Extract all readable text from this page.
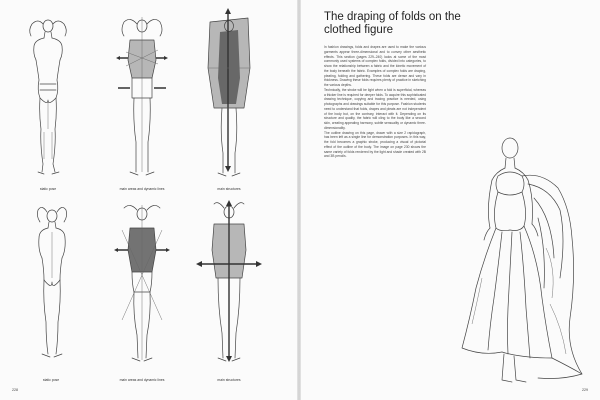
static pose	main areas and dynamic lines	main structures
static pose	main areas and dynamic lines	main structures
228
The draping of folds on the clothed figure

In fashion drawings, folds and drapes are used to make the various garments appear three-dimensional and to convey other aesthetic effects. This section (pages 229–240) looks at some of the most commonly used systems of complex folds, divided into categories, to show the relationship between a fabric and the kinetic movement of the body beneath the fabric. Examples of complex folds are draping, pleating, folding and gathering. These folds are dense and vary in thickness. Drawing these folds requires plenty of practice in sketching the various depths.

Technically, the stroke will be light when a fold is superficial, whereas a thicker line is required for deeper folds. To acquire this sophisticated drawing technique, copying and tracing practice is needed, using photographs and drawings suitable for this purpose. Fashion students need to understand that folds, drapes and pleats are not independent of the body but, on the contrary, interact with it. Depending on its structure and quality, the fabric will cling to the body like a second skin, creating appealing harmony, subtle sensuality or dynamic three-dimensionality.

The outline drawing on this page, drawn with a size 2 rapidograph, has been left as a single line for demonstration purposes. In this way, the fold becomes a graphic stroke, producing a visual of pictorial effect of the outline of the body. The image on page 230 shows the same variety of folds rendered by the light and shade created with 2B and 3B pencils.

229
